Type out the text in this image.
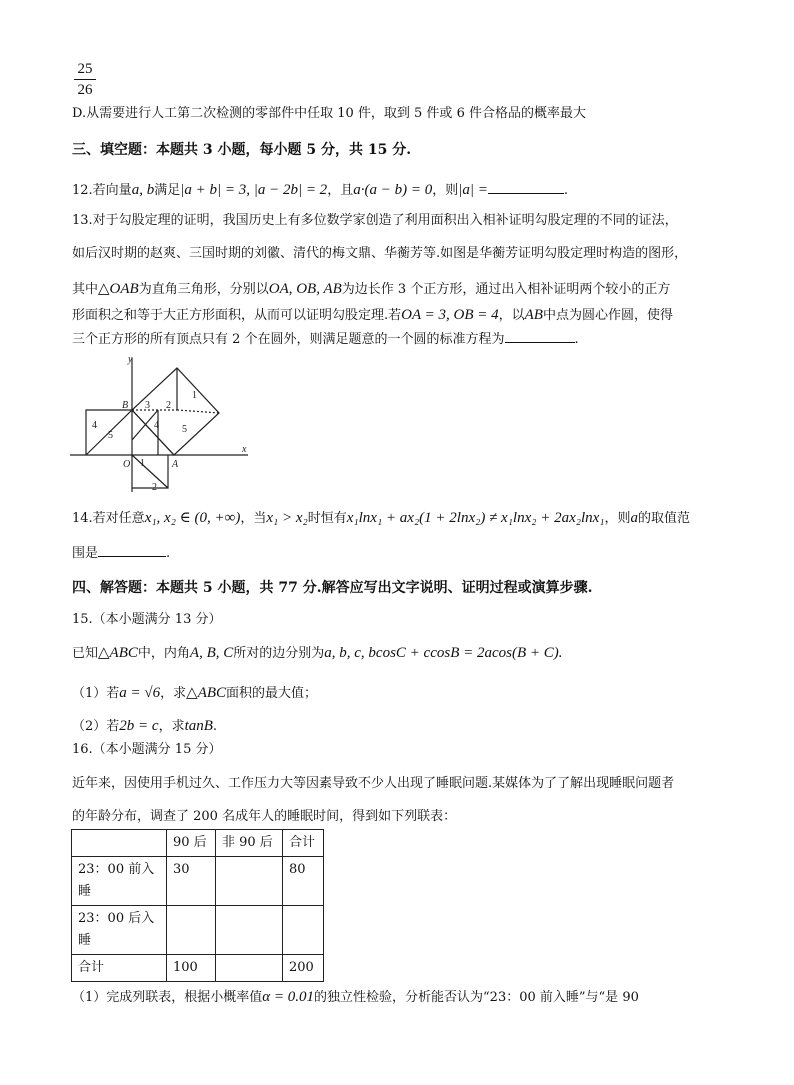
25
26
D.从需要进行人工第二次检测的零部件中任取 10 件，取到 5 件或 6 件合格品的概率最大
三、填空题：本题共 3 小题，每小题 5 分，共 15 分.
12.若向量a, b满足|a + b| = 3, |a − 2b| = 2，且a·(a − b) = 0，则|a| =	.
13.对于勾股定理的证明，我国历史上有多位数学家创造了利用面积出入相补证明勾股定理的不同的证法，
如后汉时期的赵爽、三国时期的刘徽、清代的梅文鼎、华蘅芳等.如图是华蘅芳证明勾股定理时构造的图形，
其中△OAB为直角三角形，分别以OA, OB, AB为边长作 3 个正方形，通过出入相补证明两个较小的正方
形面积之和等于大正方形面积，从而可以证明勾股定理.若OA = 3, OB = 4，以AB中点为圆心作圆，使得
三个正方形的所有顶点只有 2 个在圆外，则满足题意的一个圆的标准方程为	.
y
x
O	A
B
1
2
3
4
5
4 5
1
2
14.若对任意x₁, x₂ ∈ (0, +∞)，当x₁ > x₂时恒有x₁lnx₁ + ax₂(1 + 2lnx₂) ≠ x₁lnx₂ + 2ax₂lnx₁，则a的取值范
围是	.
四、解答题：本题共 5 小题，共 77 分.解答应写出文字说明、证明过程或演算步骤.
15.（本小题满分 13 分）
已知△ABC中，内角A, B, C所对的边分别为a, b, c, bcosC + ccosB = 2acos(B + C).
（1）若a = √6，求△ABC面积的最大值；
（2）若2b = c，求tanB.
16.（本小题满分 15 分）
近年来，因使用手机过久、工作压力大等因素导致不少人出现了睡眠问题.某媒体为了了解出现睡眠问题者
的年龄分布，调查了 200 名成年人的睡眠时间，得到如下列联表：
	90 后	非 90 后	合计
23：00 前入睡	30		80
23：00 后入睡			
合计	100		200
（1）完成列联表，根据小概率值α = 0.01的独立性检验，分析能否认为“23：00 前入睡”与“是 90
